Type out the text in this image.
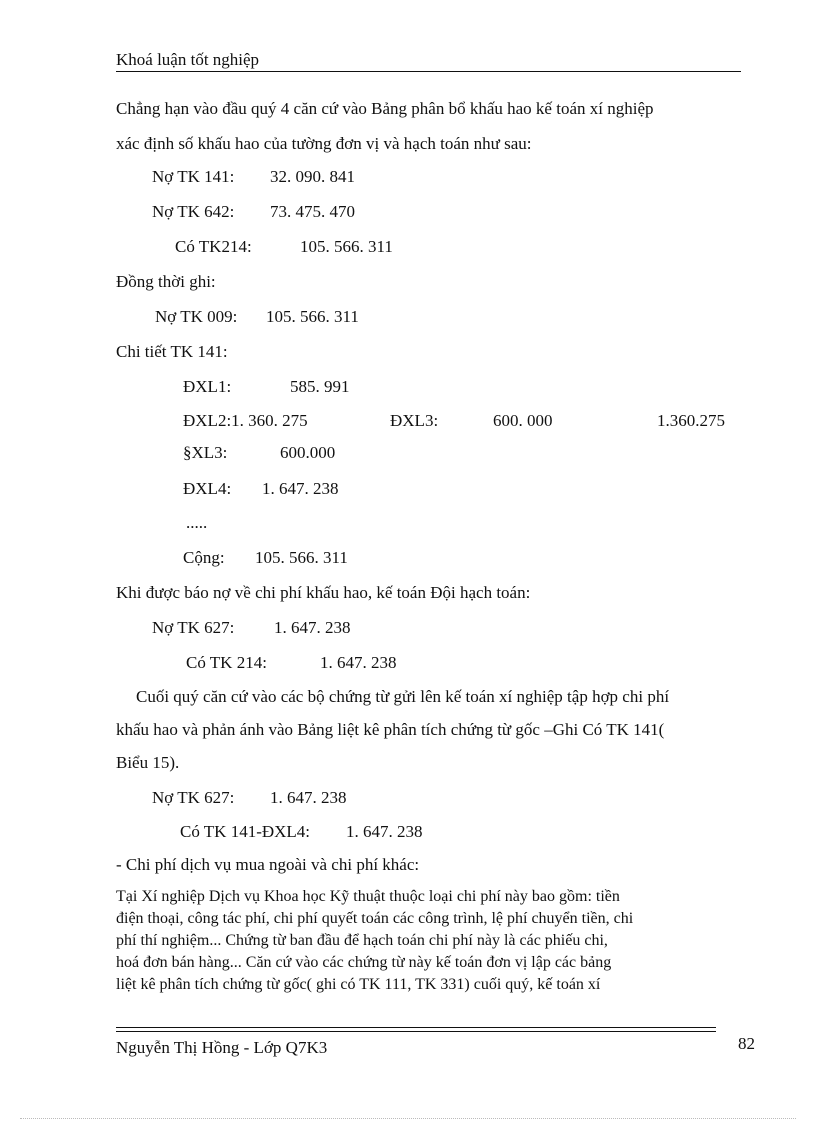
Khoá luận tốt nghiệp
Chẳng hạn vào đầu quý 4 căn cứ vào Bảng phân bổ khấu hao kế toán xí nghiệp
xác định số khấu hao của tường đơn vị và hạch toán như sau:
Nợ TK 141: 32. 090. 841
Nợ TK 642: 73. 475. 470
Có TK214:	105. 566. 311
Đồng thời ghi:
Nợ TK 009: 105. 566. 311
Chi tiết TK 141:
ĐXL1:	585. 991
ĐXL2:1. 360. 275	ĐXL3:	600. 000	1.360.275
§XL3:	600.000
ĐXL4: 1. 647. 238
.....
Cộng: 105. 566. 311
Khi được báo nợ về chi phí khấu hao, kế toán Đội hạch toán:
Nợ TK 627: 1. 647. 238
Có TK 214:	1. 647. 238
Cuối quý căn cứ vào các bộ chứng từ gửi lên kế toán xí nghiệp tập hợp chi phí
khấu hao và phản ánh vào Bảng liệt kê phân tích chứng từ gốc –Ghi Có TK 141(
Biểu 15).
Nợ TK 627: 1. 647. 238
Có TK 141-ĐXL4: 1. 647. 238
- Chi phí dịch vụ mua ngoài và chi phí khác:
Tại Xí nghiệp Dịch vụ Khoa học Kỹ thuật thuộc loại chi phí này bao gồm: tiền
điện thoại, công tác phí, chi phí quyết toán các công trình, lệ phí chuyển tiền, chi
phí thí nghiệm... Chứng từ ban đầu để hạch toán chi phí này là các phiếu chi,
hoá đơn bán hàng... Căn cứ vào các chứng từ này kế toán đơn vị lập các bảng
liệt kê phân tích chứng từ gốc( ghi có TK 111, TK 331) cuối quý, kế toán xí
Nguyễn Thị Hồng - Lớp Q7K3	82
